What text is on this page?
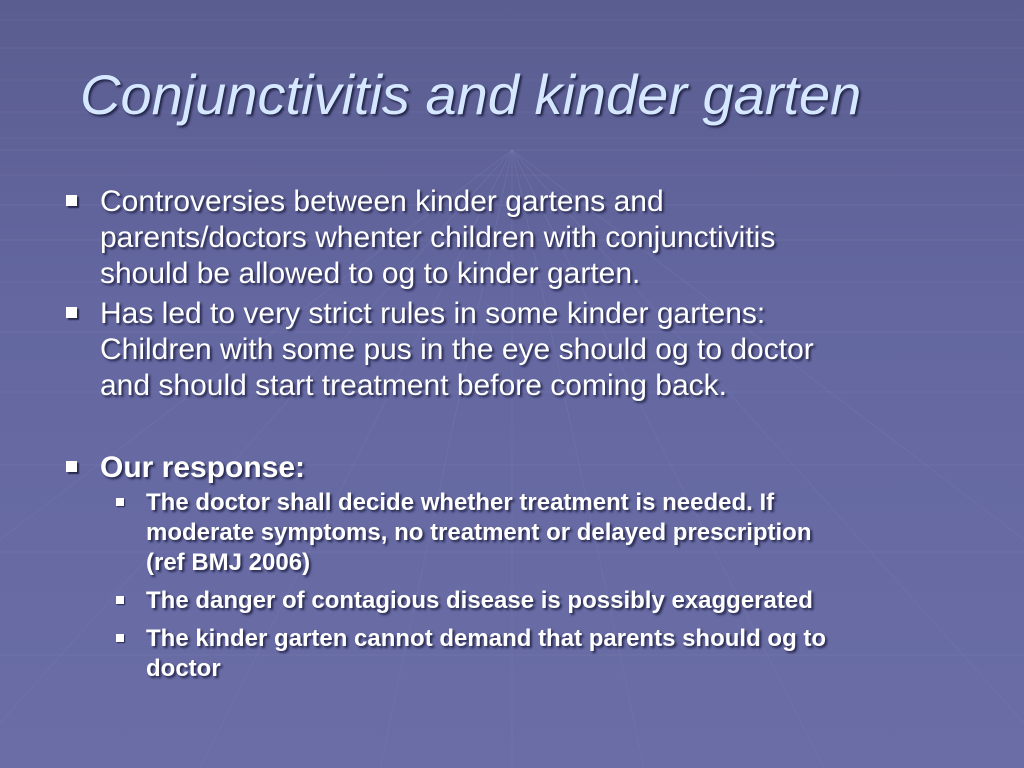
Conjunctivitis and kinder garten
Controversies between kinder gartens and
parents/doctors whenter children with conjunctivitis
should be allowed to og to kinder garten.
Has led to very strict rules in some kinder gartens:
Children with some pus in the eye should og to doctor
and should start treatment before coming back.
Our response:
The doctor shall decide whether treatment is needed. If
moderate symptoms, no treatment or delayed prescription
(ref BMJ 2006)
The danger of contagious disease is possibly exaggerated
The kinder garten cannot demand that parents should og to
doctor
